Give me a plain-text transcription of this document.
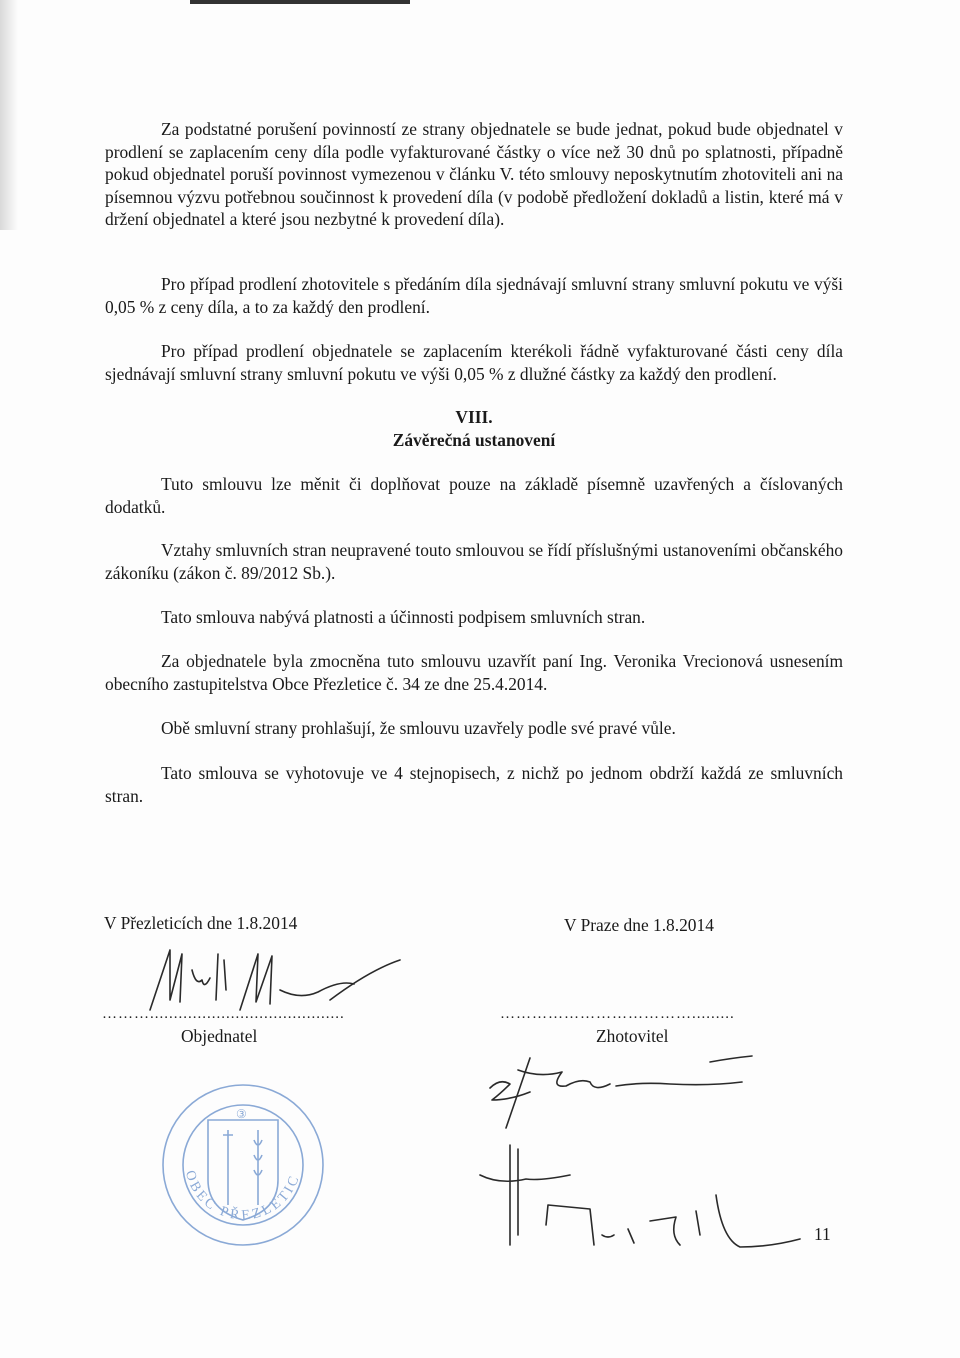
Za podstatné porušení povinností ze strany objednatele se bude jednat, pokud bude objednatel v prodlení se zaplacením ceny díla podle vyfakturované částky o více než 30 dnů po splatnosti, případně pokud objednatel poruší povinnost vymezenou v článku V. této smlouvy neposkytnutím zhotoviteli ani na písemnou výzvu potřebnou součinnost k provedení díla (v podobě předložení dokladů a listin, které má v držení objednatel a které jsou nezbytné k provedení díla).

Pro případ prodlení zhotovitele s předáním díla sjednávají smluvní strany smluvní pokutu ve výši 0,05 % z ceny díla, a to za každý den prodlení.

Pro případ prodlení objednatele se zaplacením kterékoli řádně vyfakturované části ceny díla sjednávají smluvní strany smluvní pokutu ve výši 0,05 % z dlužné částky za každý den prodlení.

VIII.

Závěrečná ustanovení

Tuto smlouvu lze měnit či doplňovat pouze na základě písemně uzavřených a číslovaných dodatků.

Vztahy smluvních stran neupravené touto smlouvou se řídí příslušnými ustanoveními občanského zákoníku (zákon č. 89/2012 Sb.).

Tato smlouva nabývá platnosti a účinnosti podpisem smluvních stran.

Za objednatele byla zmocněna tuto smlouvu uzavřít paní Ing. Veronika Vrecionová usnesením obecního zastupitelstva Obce Přezletice č. 34 ze dne 25.4.2014.

Obě smluvní strany prohlašují, že smlouvu uzavřely podle své pravé vůle.

Tato smlouva se vyhotovuje ve 4 stejnopisech, z nichž po jednom obdrží každá ze smluvních stran.

V Přezleticích dne 1.8.2014
……….........................................
Objednatel
V Praze dne 1.8.2014
……………………………….........
Zhotovitel
③
OBEC PŘEZLETICE
11
